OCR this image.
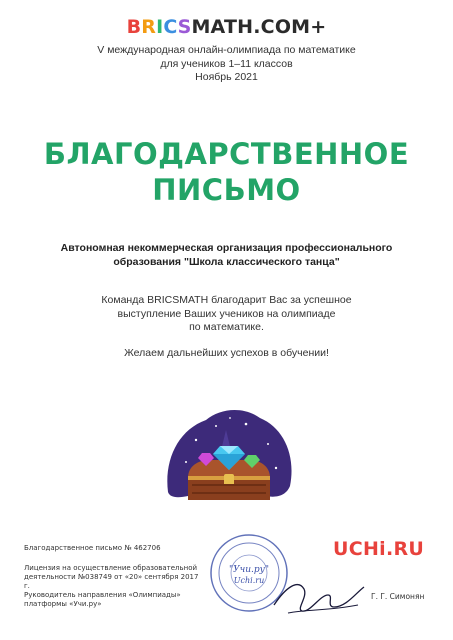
BRICSMATH.COM+
V международная онлайн-олимпиада по математике
для учеников 1–11 классов
Ноябрь 2021
БЛАГОДАРСТВЕННОЕ
ПИСЬМО
Автономная некоммерческая организация профессионального
образования "Школа классического танца"
Команда BRICSMATH благодарит Вас за успешное
выступление Ваших учеников на олимпиаде
по математике.
Желаем дальнейших успехов в обучении!
Благодарственное письмо № 462706
Лицензия на осуществление образовательной
деятельности №038749 от «20» сентября 2017 г.
Руководитель направления «Олимпиады»
платформы «Учи.ру»
"Учи.ру"
Uchi.ru
UCHi.RU
Г. Г. Симонян
